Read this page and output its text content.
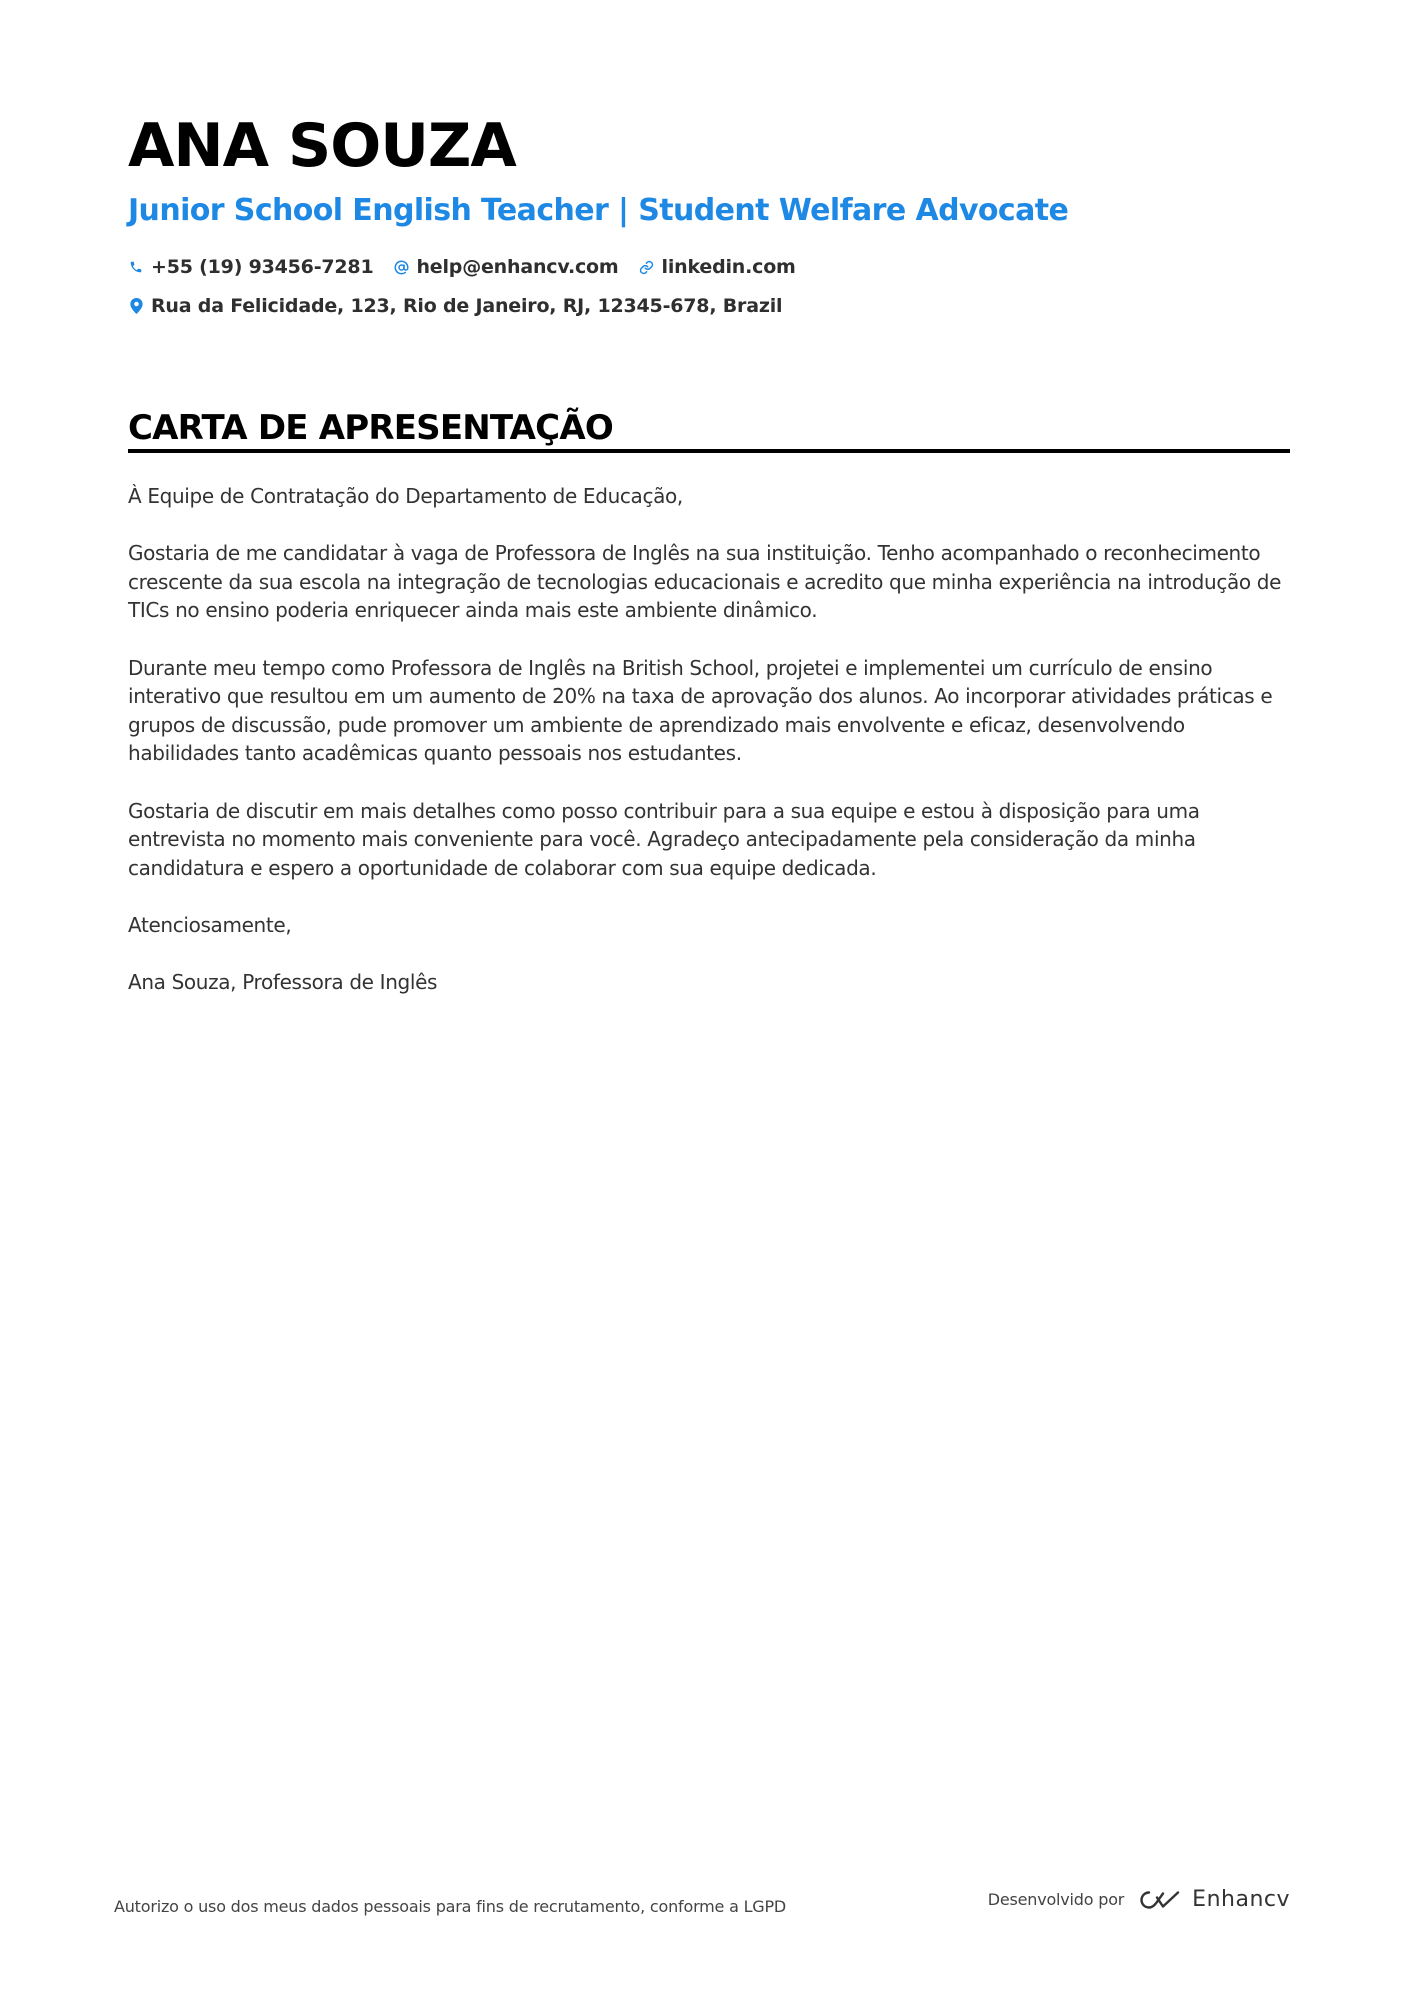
ANA SOUZA
Junior School English Teacher | Student Welfare Advocate
+55 (19) 93456-7281 help@enhancv.com linkedin.com
Rua da Felicidade, 123, Rio de Janeiro, RJ, 12345-678, Brazil
CARTA DE APRESENTAÇÃO

À Equipe de Contratação do Departamento de Educação,

Gostaria de me candidatar à vaga de Professora de Inglês na sua instituição. Tenho acompanhado o reconhecimento crescente da sua escola na integração de tecnologias educacionais e acredito que minha experiência na introdução de TICs no ensino poderia enriquecer ainda mais este ambiente dinâmico.

Durante meu tempo como Professora de Inglês na British School, projetei e implementei um currículo de ensino interativo que resultou em um aumento de 20% na taxa de aprovação dos alunos. Ao incorporar atividades práticas e grupos de discussão, pude promover um ambiente de aprendizado mais envolvente e eficaz, desenvolvendo habilidades tanto acadêmicas quanto pessoais nos estudantes.

Gostaria de discutir em mais detalhes como posso contribuir para a sua equipe e estou à disposição para uma entrevista no momento mais conveniente para você. Agradeço antecipadamente pela consideração da minha candidatura e espero a oportunidade de colaborar com sua equipe dedicada.

Atenciosamente,

Ana Souza, Professora de Inglês

Autorizo o uso dos meus dados pessoais para fins de recrutamento, conforme a LGPD	Desenvolvido por	Enhancv
